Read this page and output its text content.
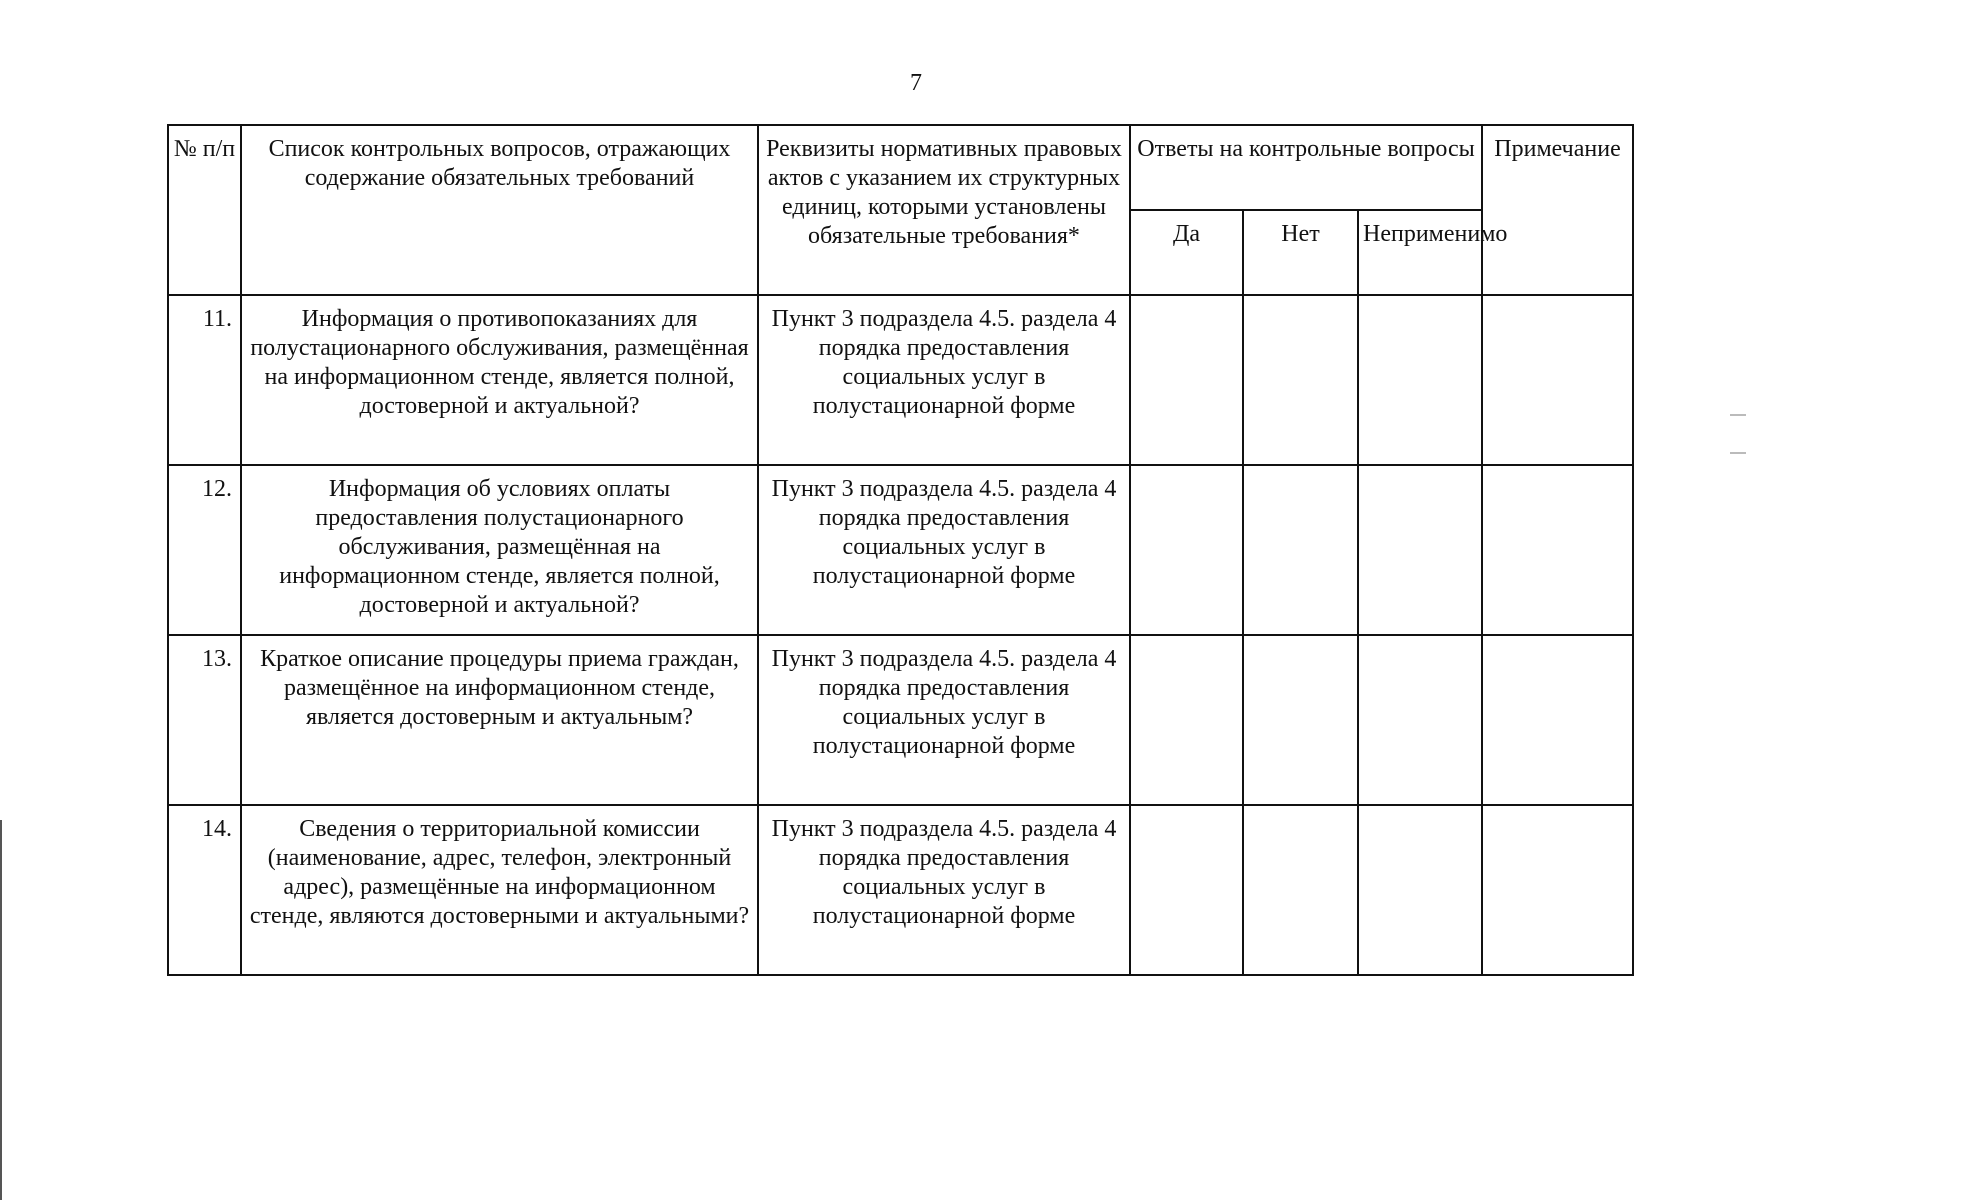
7
№ п/п	Список контрольных вопросов, отражающих содержание обязательных требований	Реквизиты нормативных правовых актов с указанием их структурных единиц, которыми установлены обязательные требования*	Ответы на контрольные вопросы			Примечание
			Да	Нет	Неприменимо	
11.	Информация о противопоказаниях для полустационарного обслуживания, размещённая на информационном стенде, является полной, достоверной и актуальной?	Пункт 3 подраздела 4.5. раздела 4 порядка предоставления социальных услуг в полустационарной форме				
12.	Информация об условиях оплаты предоставления полустационарного обслуживания, размещённая на информационном стенде, является полной, достоверной и актуальной?	Пункт 3 подраздела 4.5. раздела 4 порядка предоставления социальных услуг в полустационарной форме				
13.	Краткое описание процедуры приема граждан, размещённое на информационном стенде, является достоверным и актуальным?	Пункт 3 подраздела 4.5. раздела 4 порядка предоставления социальных услуг в полустационарной форме				
14.	Сведения о территориальной комиссии (наименование, адрес, телефон, электронный адрес), размещённые на информационном стенде, являются достоверными и актуальными?	Пункт 3 подраздела 4.5. раздела 4 порядка предоставления социальных услуг в полустационарной форме				
